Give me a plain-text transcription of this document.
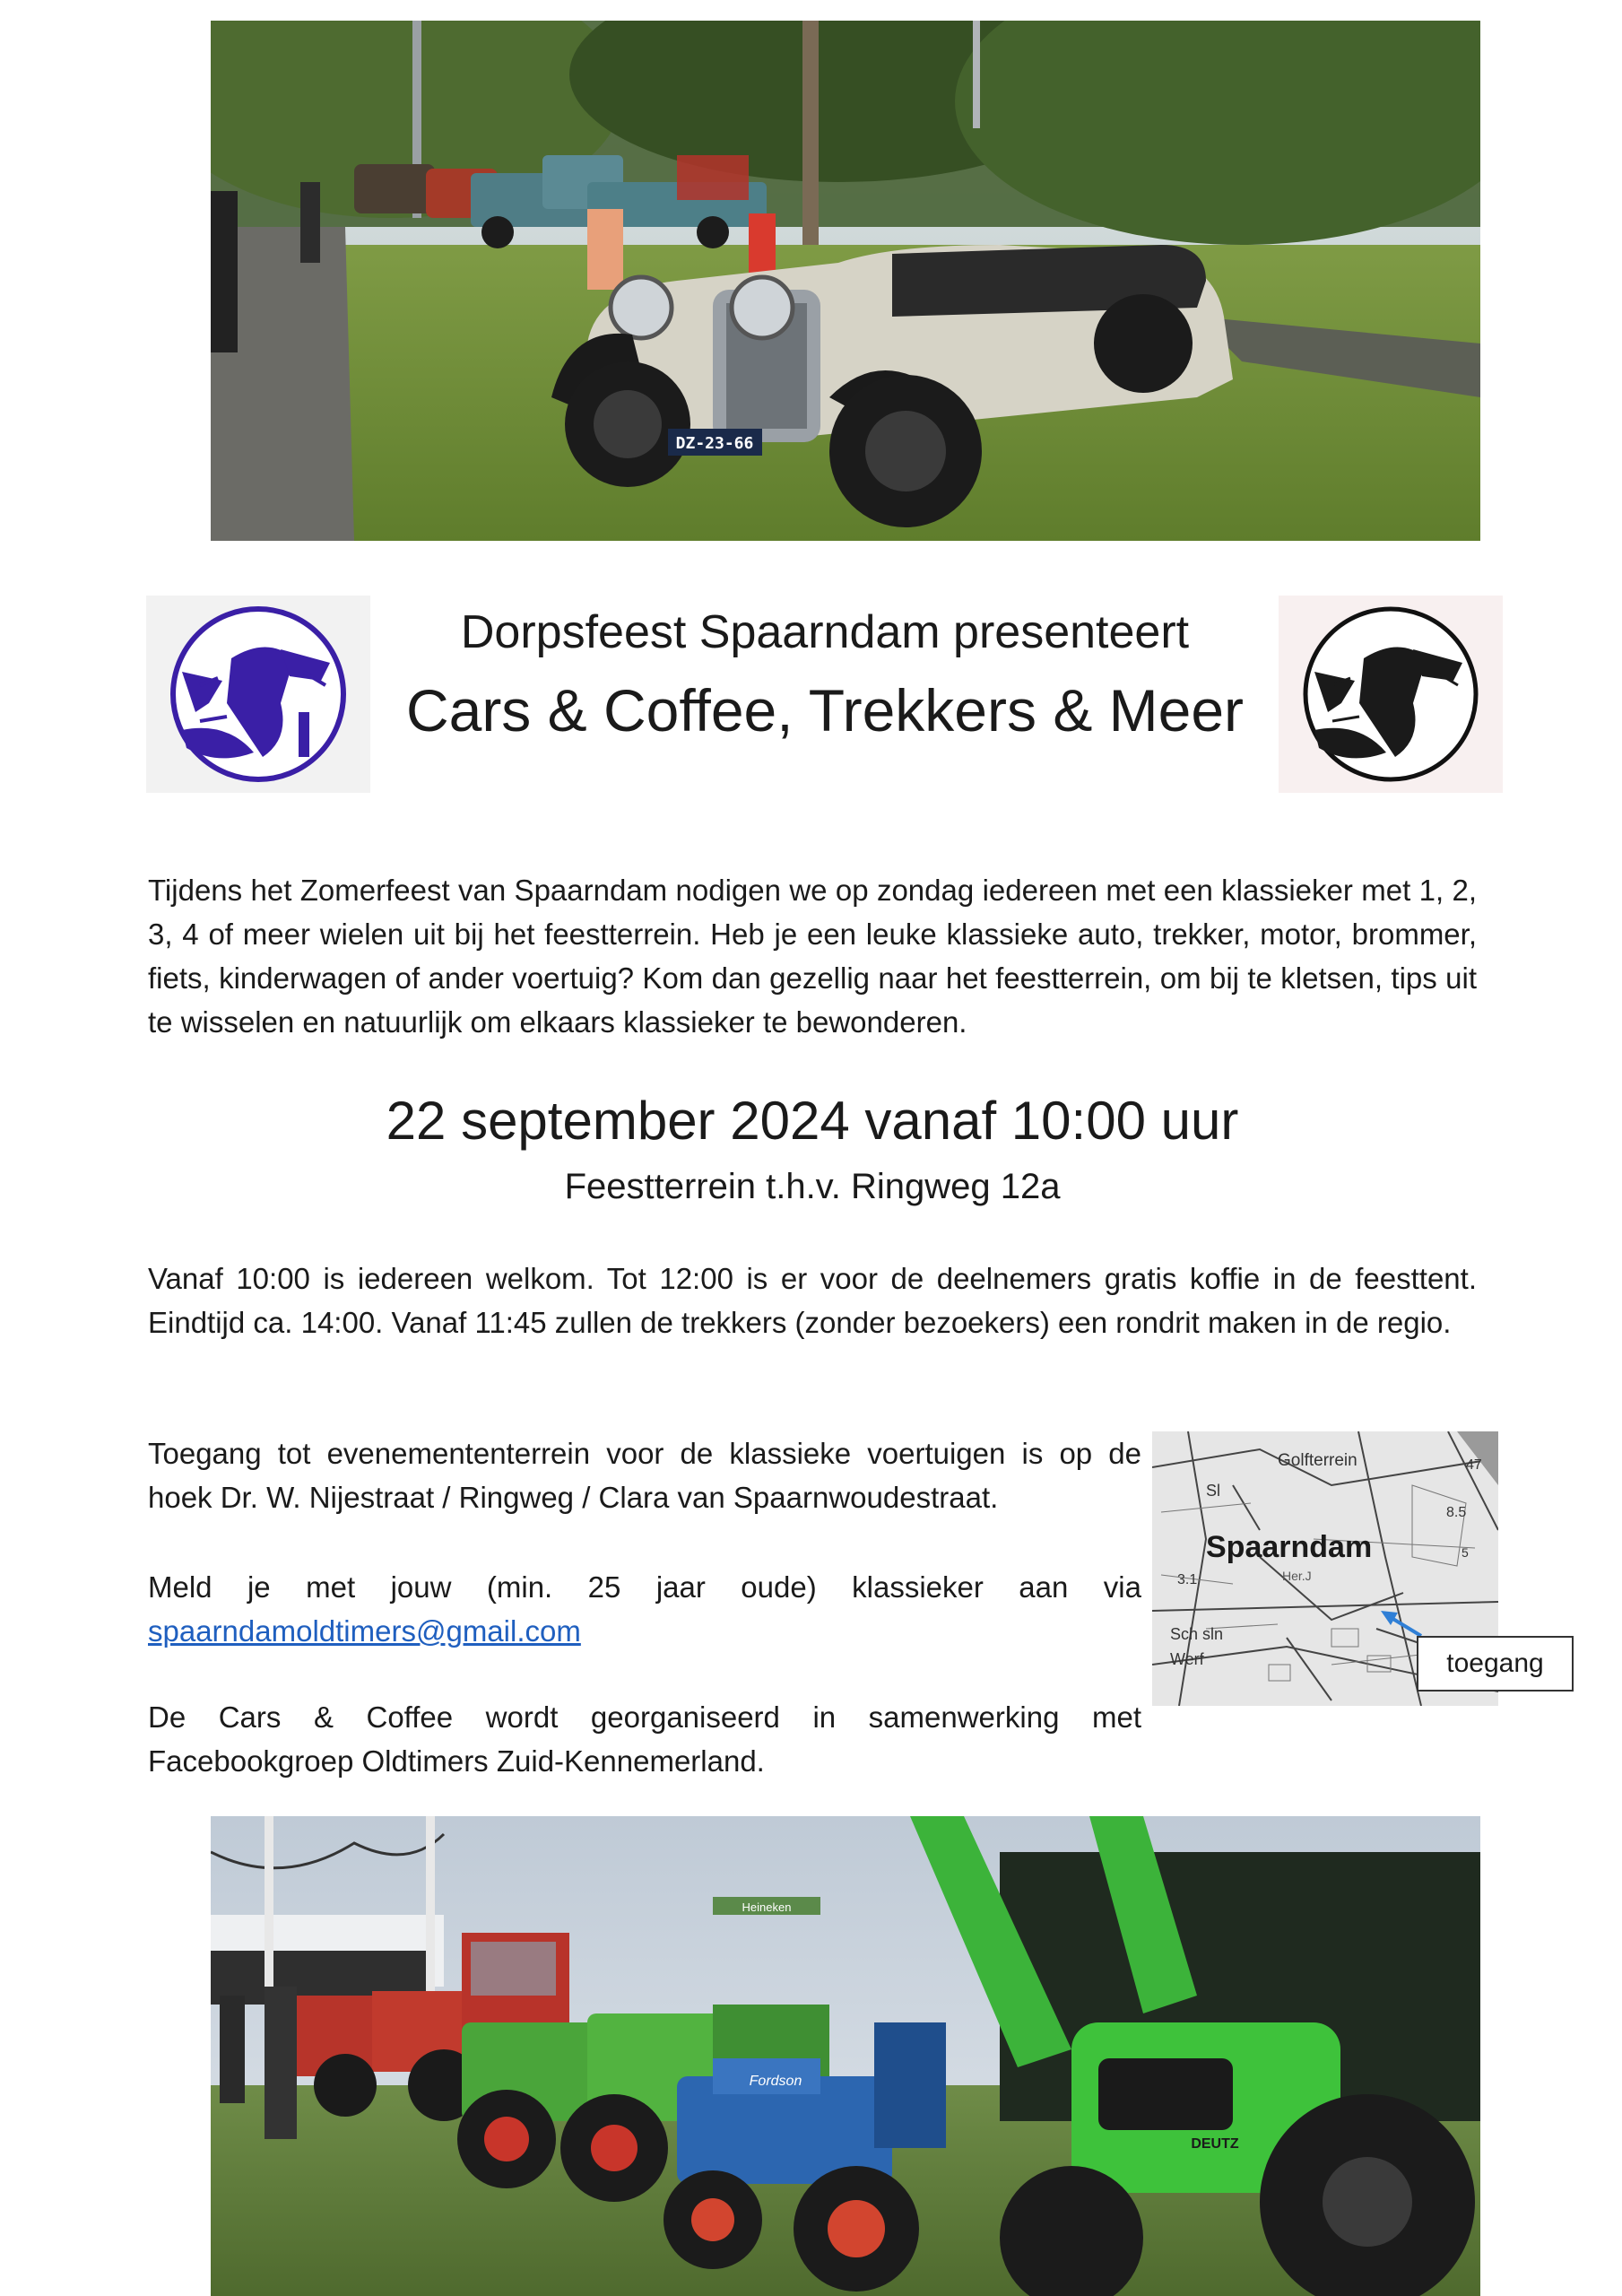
DZ-23-66
Dorpsfeest Spaarndam presenteert
Cars & Coffee, Trekkers & Meer
Tijdens het Zomerfeest van Spaarndam nodigen we op zondag iedereen met een klassieker met 1, 2, 3, 4 of meer wielen uit bij het feestterrein. Heb je een leuke klassieke auto, trekker, motor, brommer, fiets, kinderwagen of ander voertuig? Kom dan gezellig naar het feestterrein, om bij te kletsen, tips uit te wisselen en natuurlijk om elkaars klassieker te bewonderen.
22 september 2024 vanaf 10:00 uur
Feestterrein t.h.v. Ringweg 12a
Vanaf 10:00 is iedereen welkom. Tot 12:00 is er voor de deelnemers gratis koffie in de feesttent. Eindtijd ca. 14:00. Vanaf 11:45 zullen de trekkers (zonder bezoekers) een rondrit maken in de regio.
Toegang tot evenemententerrein voor de klassieke voertuigen is op de hoek Dr. W. Nijestraat / Ringweg / Clara van Spaarnwoudestraat.
Meld je met jouw (min. 25 jaar oude) klassieker aan via spaarndamoldtimers@gmail.com
De Cars & Coffee wordt georganiseerd in samenwerking met Facebookgroep Oldtimers Zuid-Kennemerland.
Golfterrein
Sl
47
8.5
Spaarndam	5
3.1	Her.J
Sch sln
Werf	toegang
Fordson
DEUTZ
Heineken
